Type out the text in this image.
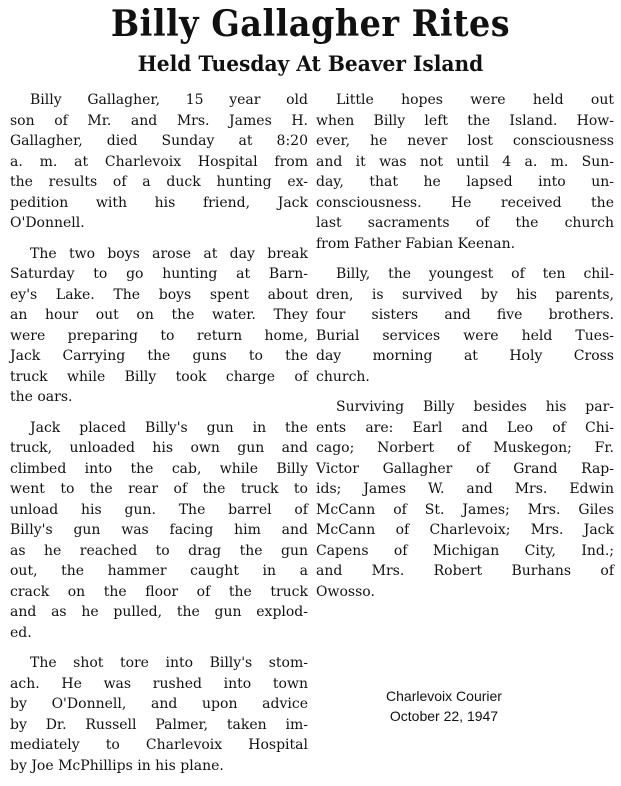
Billy Gallagher Rites
Held Tuesday At Beaver Island
Billy Gallagher, 15 year old
son of Mr. and Mrs. James H.
Gallagher, died Sunday at 8:20
a. m. at Charlevoix Hospital from
the results of a duck hunting ex-
pedition with his friend, Jack
O'Donnell.
The two boys arose at day break
Saturday to go hunting at Barn-
ey's Lake. The boys spent about
an hour out on the water. They
were preparing to return home,
Jack Carrying the guns to the
truck while Billy took charge of
the oars.
Jack placed Billy's gun in the
truck, unloaded his own gun and
climbed into the cab, while Billy
went to the rear of the truck to
unload his gun. The barrel of
Billy's gun was facing him and
as he reached to drag the gun
out, the hammer caught in a
crack on the floor of the truck
and as he pulled, the gun explod-
ed.
The shot tore into Billy's stom-
ach. He was rushed into town
by O'Donnell, and upon advice
by Dr. Russell Palmer, taken im-
mediately to Charlevoix Hospital
by Joe McPhillips in his plane.
Little hopes were held out
when Billy left the Island. How-
ever, he never lost consciousness
and it was not until 4 a. m. Sun-
day, that he lapsed into un-
consciousness. He received the
last sacraments of the church
from Father Fabian Keenan.
Billy, the youngest of ten chil-
dren, is survived by his parents,
four sisters and five brothers.
Burial services were held Tues-
day morning at Holy Cross
church.
Surviving Billy besides his par-
ents are: Earl and Leo of Chi-
cago; Norbert of Muskegon; Fr.
Victor Gallagher of Grand Rap-
ids; James W. and Mrs. Edwin
McCann of St. James; Mrs. Giles
McCann of Charlevoix; Mrs. Jack
Capens of Michigan City, Ind.;
and Mrs. Robert Burhans of
Owosso.
Charlevoix Courier
October 22, 1947
